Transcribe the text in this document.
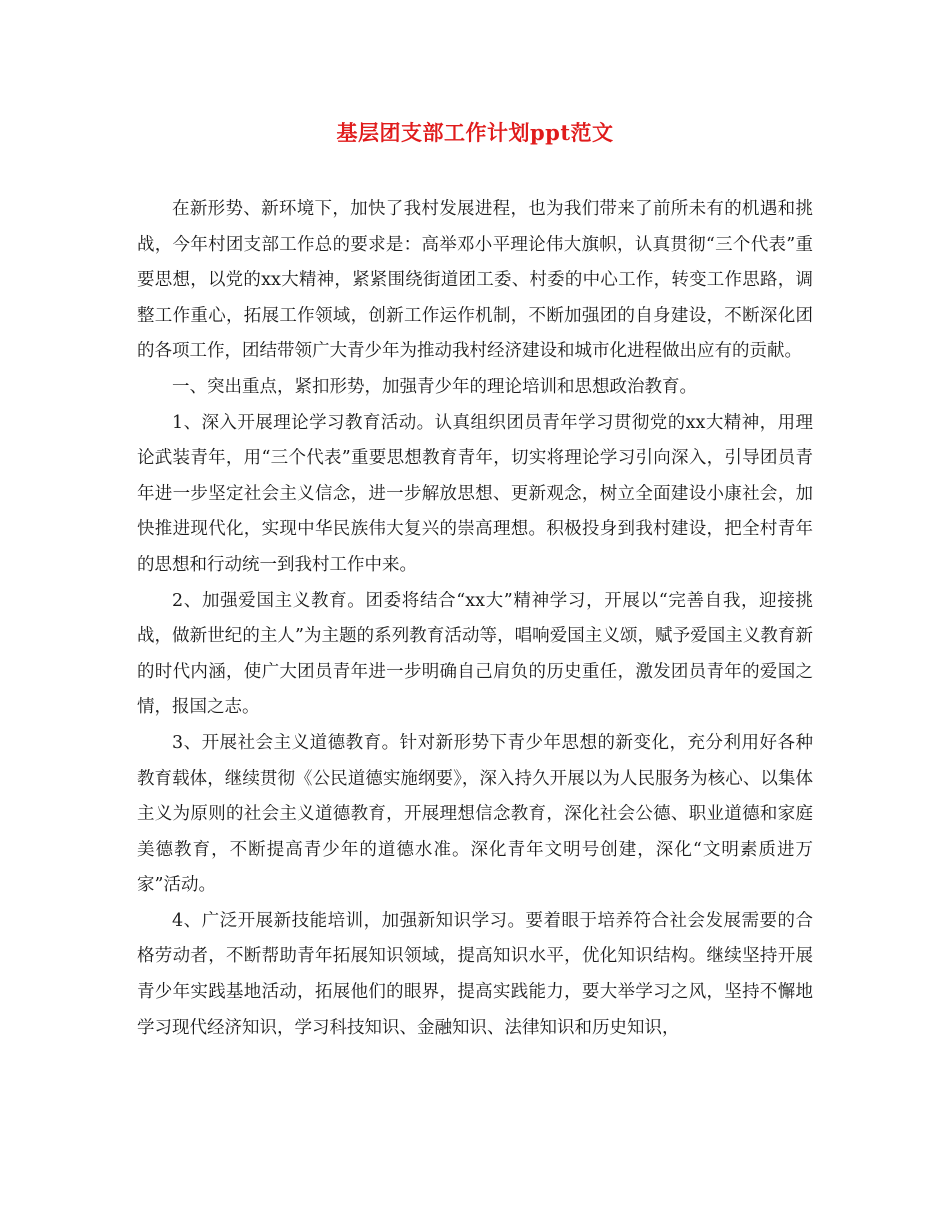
基层团支部工作计划ppt范文

在新形势、新环境下，加快了我村发展进程，也为我们带来了前所未有的机遇和挑战，今年村团支部工作总的要求是：高举邓小平理论伟大旗帜，认真贯彻“三个代表”重要思想，以党的xx大精神，紧紧围绕街道团工委、村委的中心工作，转变工作思路，调整工作重心，拓展工作领域，创新工作运作机制，不断加强团的自身建设，不断深化团的各项工作，团结带领广大青少年为推动我村经济建设和城市化进程做出应有的贡献。

一、突出重点，紧扣形势，加强青少年的理论培训和思想政治教育。

1、深入开展理论学习教育活动。认真组织团员青年学习贯彻党的xx大精神，用理论武装青年，用“三个代表”重要思想教育青年，切实将理论学习引向深入，引导团员青年进一步坚定社会主义信念，进一步解放思想、更新观念，树立全面建设小康社会，加快推进现代化，实现中华民族伟大复兴的崇高理想。积极投身到我村建设，把全村青年的思想和行动统一到我村工作中来。

2、加强爱国主义教育。团委将结合“xx大”精神学习，开展以“完善自我，迎接挑战，做新世纪的主人”为主题的系列教育活动等，唱响爱国主义颂，赋予爱国主义教育新的时代内涵，使广大团员青年进一步明确自己肩负的历史重任，激发团员青年的爱国之情，报国之志。

3、开展社会主义道德教育。针对新形势下青少年思想的新变化，充分利用好各种教育载体，继续贯彻《公民道德实施纲要》，深入持久开展以为人民服务为核心、以集体主义为原则的社会主义道德教育，开展理想信念教育，深化社会公德、职业道德和家庭美德教育，不断提高青少年的道德水准。深化青年文明号创建，深化“文明素质进万家”活动。

4、广泛开展新技能培训，加强新知识学习。要着眼于培养符合社会发展需要的合格劳动者，不断帮助青年拓展知识领域，提高知识水平，优化知识结构。继续坚持开展青少年实践基地活动，拓展他们的眼界，提高实践能力，要大举学习之风，坚持不懈地学习现代经济知识，学习科技知识、金融知识、法律知识和历史知识，
